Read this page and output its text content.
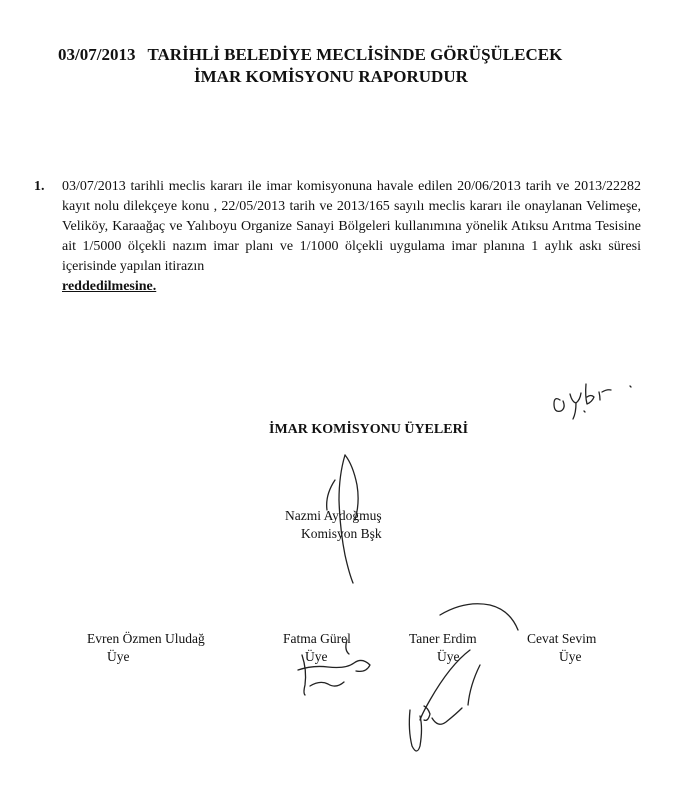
03/07/2013 TARİHLİ BELEDİYE MECLİSİNDE GÖRÜŞÜLECEK
İMAR KOMİSYONU RAPORUDUR
1. 03/07/2013 tarihli meclis kararı ile imar komisyonuna havale edilen 20/06/2013 tarih ve 2013/22282 kayıt nolu dilekçeye konu , 22/05/2013 tarih ve 2013/165 sayılı meclis kararı ile onaylanan Velimeşe, Veliköy, Karaağaç ve Yalıboyu Organize Sanayi Bölgeleri kullanımına yönelik Atıksu Arıtma Tesisine ait 1/5000 ölçekli nazım imar planı ve 1/1000 ölçekli uygulama imar planına 1 aylık askı süresi içerisinde yapılan itirazın
reddedilmesine.
İMAR KOMİSYONU ÜYELERİ
Nazmi Aydoğmuş
Komisyon Bşk
Evren Özmen Uludağ
Üye
Fatma Gürel
Üye
Taner Erdim
Üye
Cevat Sevim
Üye
